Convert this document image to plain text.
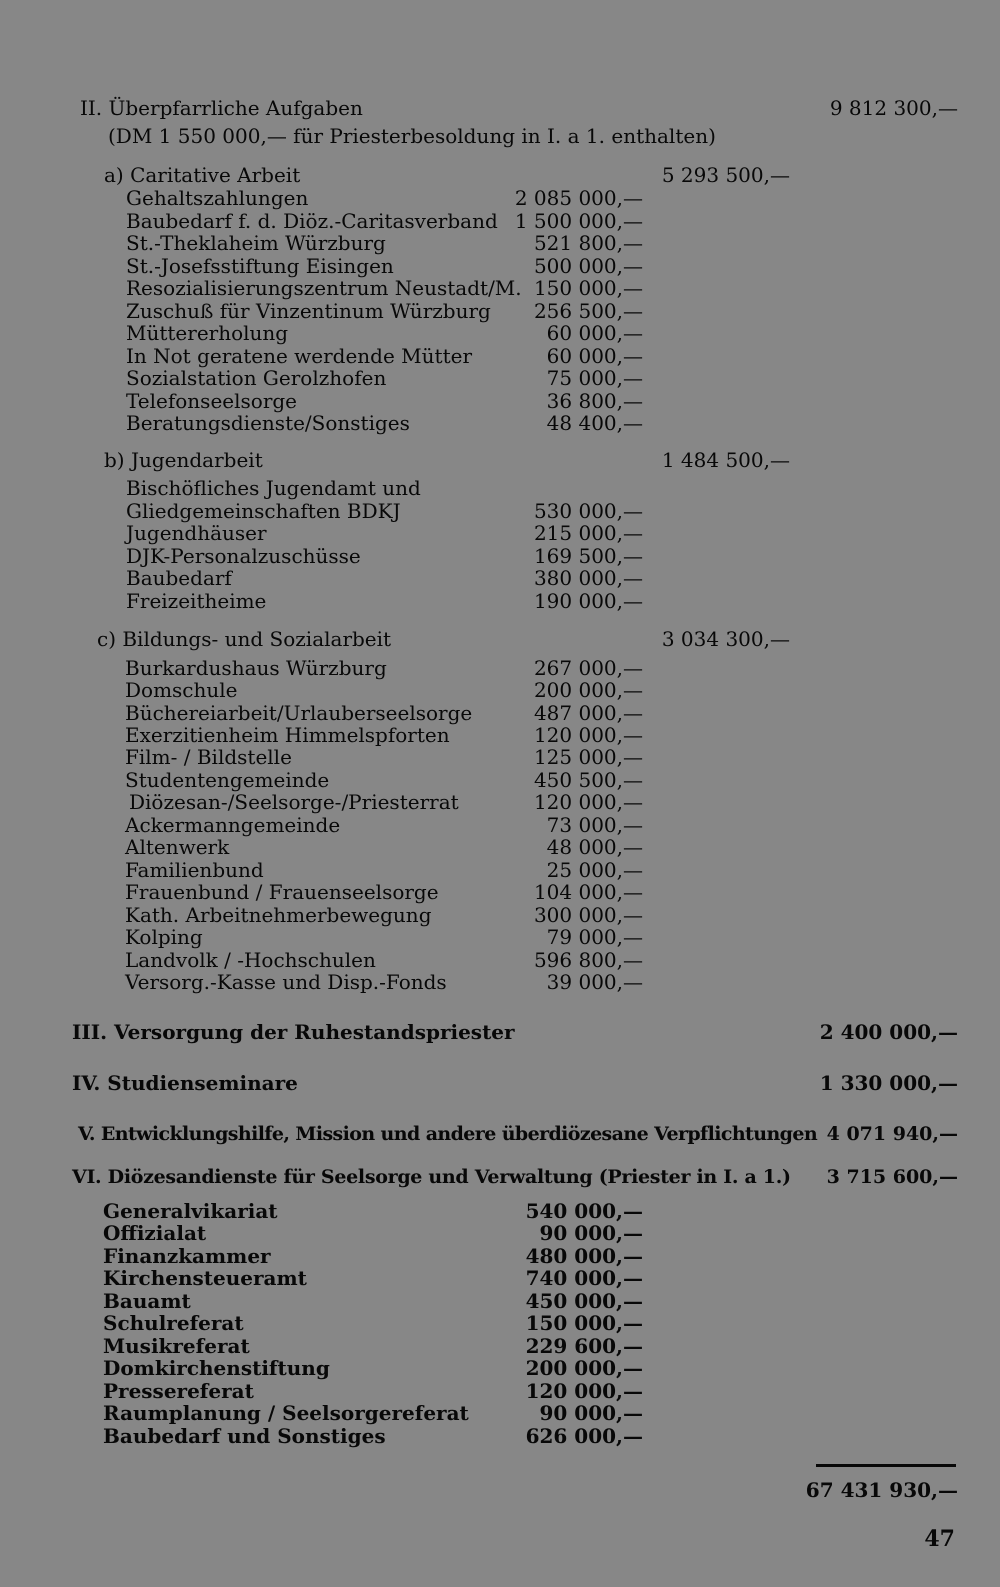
II. Überpfarrliche Aufgaben	9 812 300,—
(DM 1 550 000,— für Priesterbesoldung in I. a 1. enthalten)
a) Caritative Arbeit	5 293 500,—
Gehaltszahlungen	2 085 000,—
Baubedarf f. d. Diöz.-Caritasverband 1 500 000,—
St.-Theklaheim Würzburg	521 800,—
St.-Josefsstiftung Eisingen	500 000,—
Resozialisierungszentrum Neustadt/M. 150 000,—
Zuschuß für Vinzentinum Würzburg 256 500,—
Müttererholung	60 000,—
In Not geratene werdende Mütter	60 000,—
Sozialstation Gerolzhofen	75 000,—
Telefonseelsorge	36 800,—
Beratungsdienste/Sonstiges	48 400,—
b) Jugendarbeit	1 484 500,—
Bischöfliches Jugendamt und
Gliedgemeinschaften BDKJ	530 000,—
Jugendhäuser	215 000,—
DJK-Personalzuschüsse	169 500,—
Baubedarf	380 000,—
Freizeitheime	190 000,—
c) Bildungs- und Sozialarbeit	3 034 300,—
Burkardushaus Würzburg	267 000,—
Domschule	200 000,—
Büchereiarbeit/Urlauberseelsorge	487 000,—
Exerzitienheim Himmelspforten	120 000,—
Film- / Bildstelle	125 000,—
Studentengemeinde	450 500,—
Diözesan-/Seelsorge-/Priesterrat	120 000,—
Ackermanngemeinde	73 000,—
Altenwerk	48 000,—
Familienbund	25 000,—
Frauenbund / Frauenseelsorge	104 000,—
Kath. Arbeitnehmerbewegung	300 000,—
Kolping	79 000,—
Landvolk / -Hochschulen	596 800,—
Versorg.-Kasse und Disp.-Fonds	39 000,—
III. Versorgung der Ruhestandspriester	2 400 000,—
IV. Studienseminare	1 330 000,—
V. Entwicklungshilfe, Mission und andere überdiözesane Verpflichtungen 4 071 940,—
VI. Diözesandienste für Seelsorge und Verwaltung (Priester in I. a 1.) 3 715 600,—
Generalvikariat	540 000,—
Offizialat	90 000,—
Finanzkammer	480 000,—
Kirchensteueramt	740 000,—
Bauamt	450 000,—
Schulreferat	150 000,—
Musikreferat	229 600,—
Domkirchenstiftung	200 000,—
Pressereferat	120 000,—
Raumplanung / Seelsorgereferat	90 000,—
Baubedarf und Sonstiges	626 000,—
67 431 930,—
47
